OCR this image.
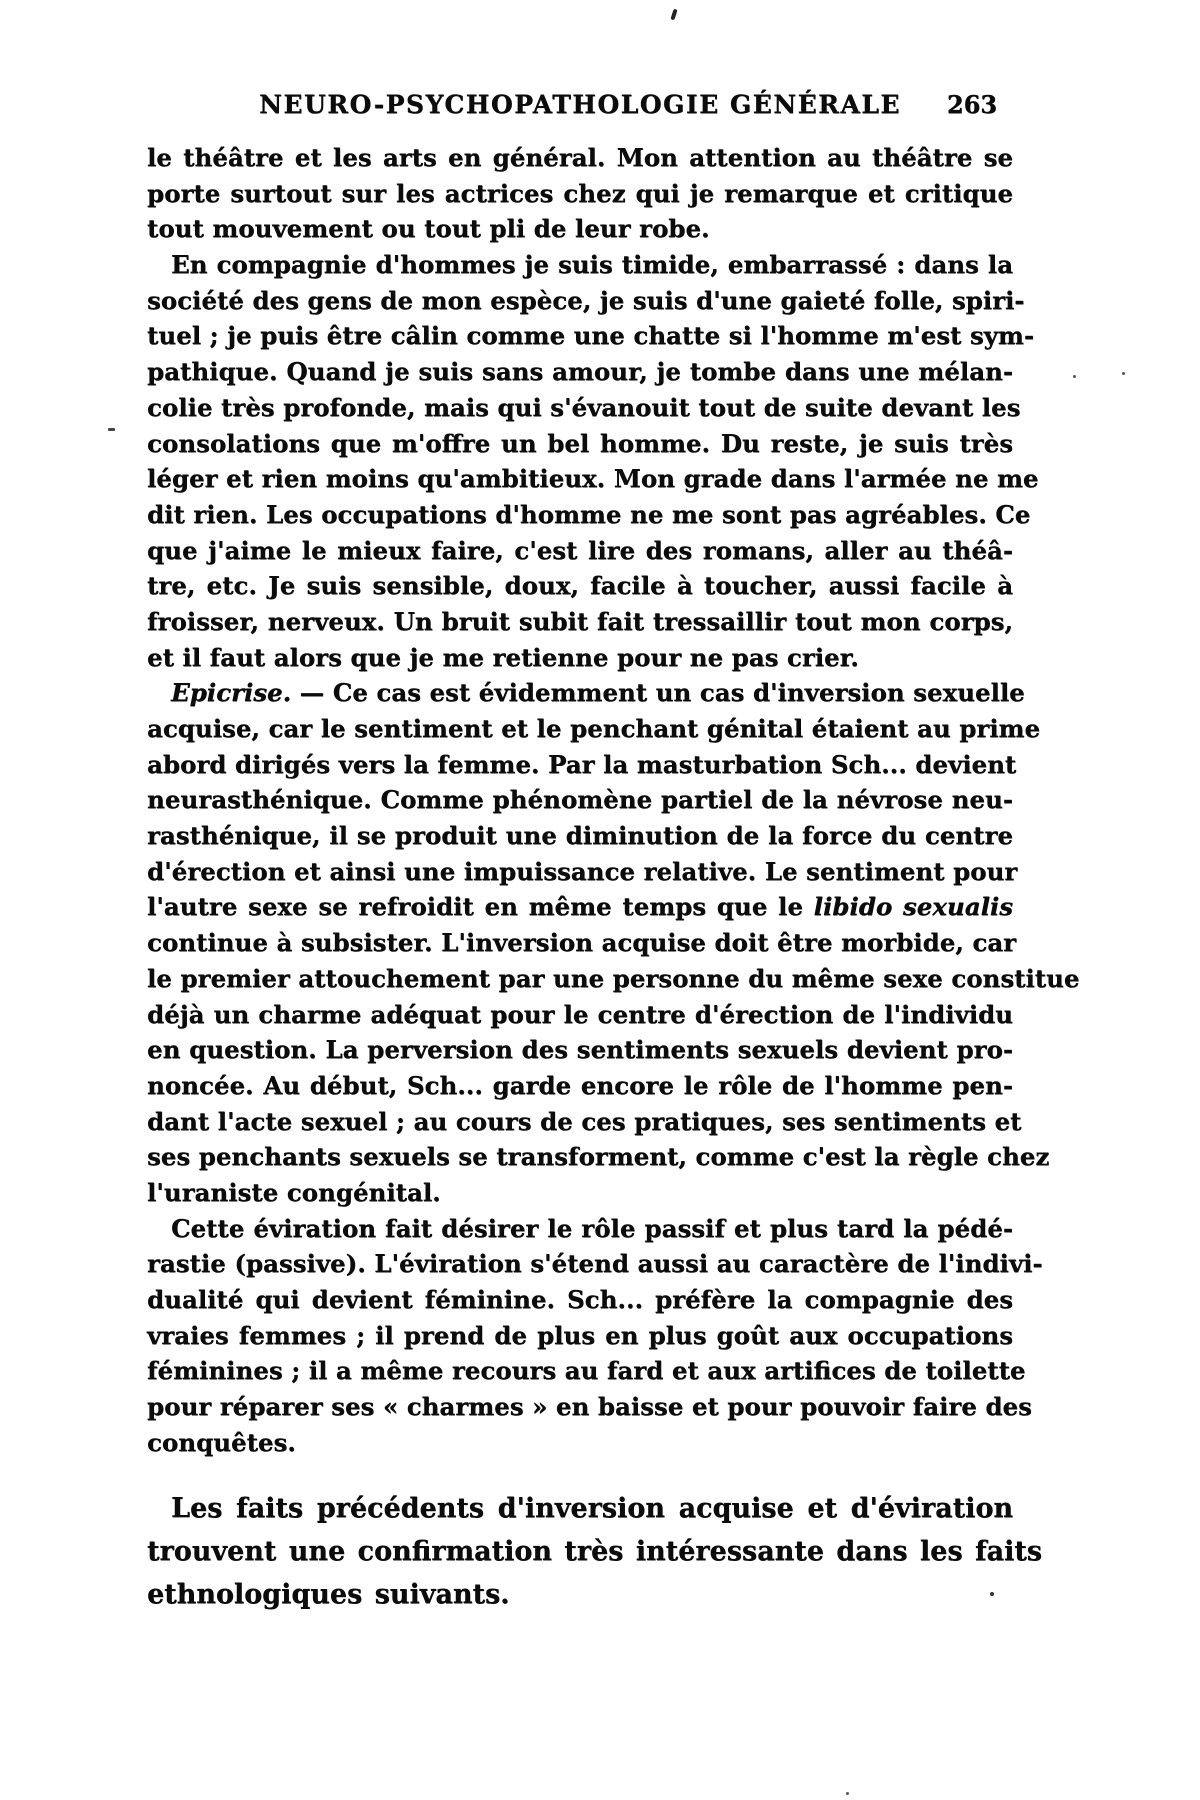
NEURO-PSYCHOPATHOLOGIE GÉNÉRALE	263
le théâtre et les arts en général. Mon attention au théâtre se
porte surtout sur les actrices chez qui je remarque et critique
tout mouvement ou tout pli de leur robe.
En compagnie d'hommes je suis timide, embarrassé : dans la
société des gens de mon espèce, je suis d'une gaieté folle, spiri-
tuel ; je puis être câlin comme une chatte si l'homme m'est sym-
pathique. Quand je suis sans amour, je tombe dans une mélan-
colie très profonde, mais qui s'évanouit tout de suite devant les
consolations que m'offre un bel homme. Du reste, je suis très
léger et rien moins qu'ambitieux. Mon grade dans l'armée ne me
dit rien. Les occupations d'homme ne me sont pas agréables. Ce
que j'aime le mieux faire, c'est lire des romans, aller au théâ-
tre, etc. Je suis sensible, doux, facile à toucher, aussi facile à
froisser, nerveux. Un bruit subit fait tressaillir tout mon corps,
et il faut alors que je me retienne pour ne pas crier.
Epicrise. — Ce cas est évidemment un cas d'inversion sexuelle
acquise, car le sentiment et le penchant génital étaient au prime
abord dirigés vers la femme. Par la masturbation Sch... devient
neurasthénique. Comme phénomène partiel de la névrose neu-
rasthénique, il se produit une diminution de la force du centre
d'érection et ainsi une impuissance relative. Le sentiment pour
l'autre sexe se refroidit en même temps que le libido sexualis
continue à subsister. L'inversion acquise doit être morbide, car
le premier attouchement par une personne du même sexe constitue
déjà un charme adéquat pour le centre d'érection de l'individu
en question. La perversion des sentiments sexuels devient pro-
noncée. Au début, Sch... garde encore le rôle de l'homme pen-
dant l'acte sexuel ; au cours de ces pratiques, ses sentiments et
ses penchants sexuels se transforment, comme c'est la règle chez
l'uraniste congénital.
Cette éviration fait désirer le rôle passif et plus tard la pédé-
rastie (passive). L'éviration s'étend aussi au caractère de l'indivi-
dualité qui devient féminine. Sch... préfère la compagnie des
vraies femmes ; il prend de plus en plus goût aux occupations
féminines ; il a même recours au fard et aux artifices de toilette
pour réparer ses « charmes » en baisse et pour pouvoir faire des
conquêtes.
Les faits précédents d'inversion acquise et d'éviration
trouvent une confirmation très intéressante dans les faits
ethnologiques suivants.
